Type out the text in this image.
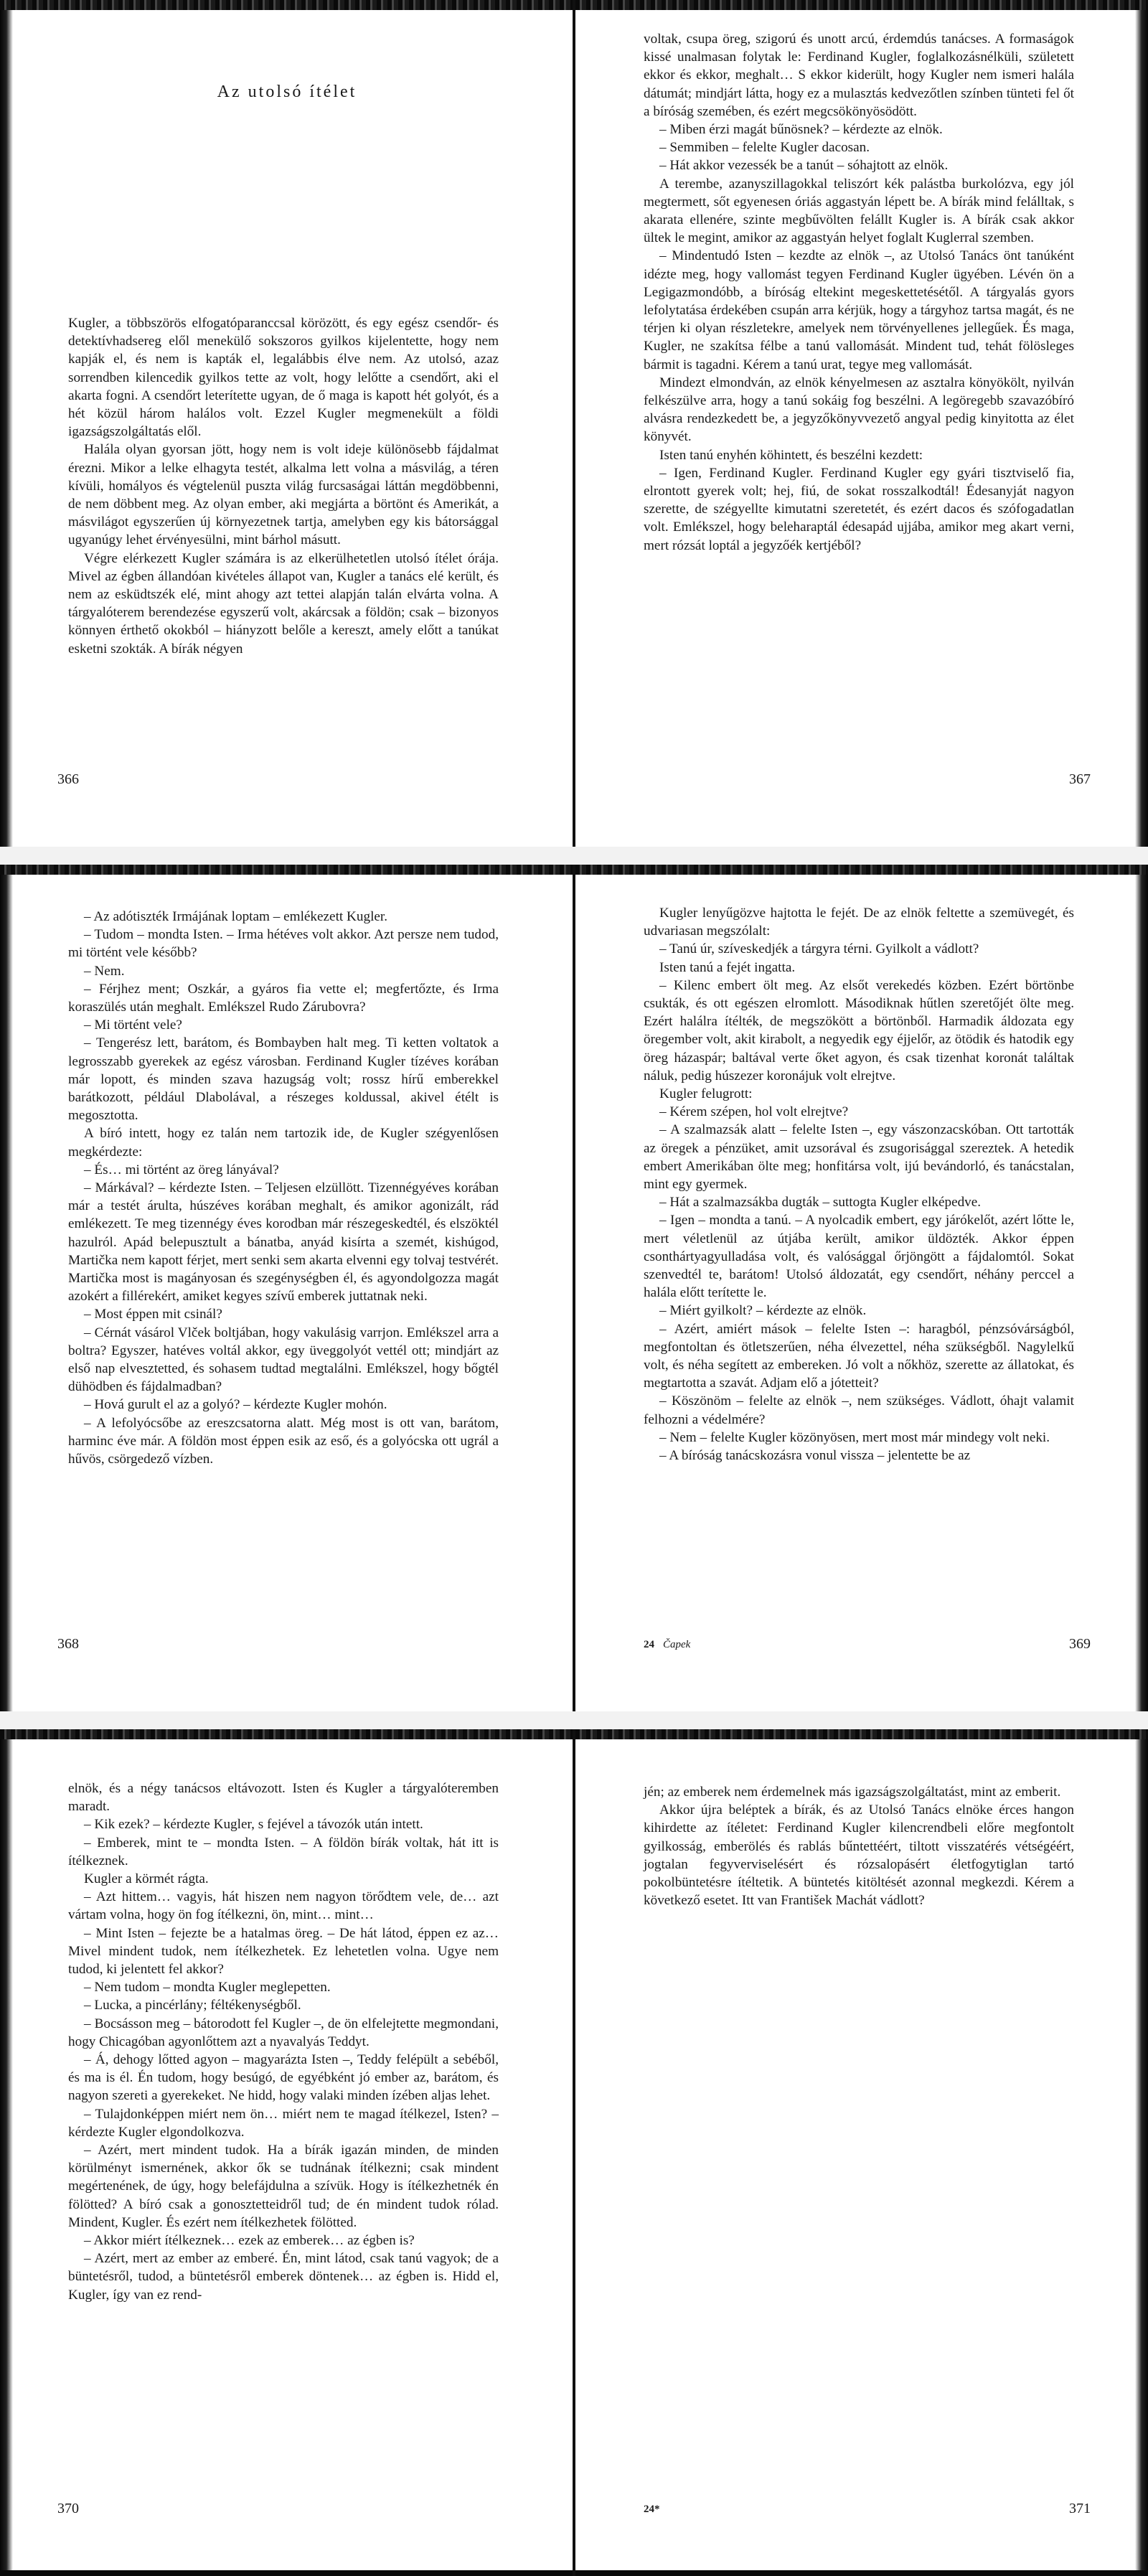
Az utolsó ítélet

Kugler, a többszörös elfogatóparanccsal körözött, és egy egész csendőr- és detektívhadsereg elől menekülő sokszoros gyilkos kijelentette, hogy nem kapják el, és nem is kapták el, legalábbis élve nem. Az utolsó, azaz sorrendben kilencedik gyilkos tette az volt, hogy lelőtte a csendőrt, aki el akarta fogni. A csendőrt leterítette ugyan, de ő maga is kapott hét golyót, és a hét közül három halálos volt. Ezzel Kugler megmenekült a földi igazságszolgáltatás elől.

Halála olyan gyorsan jött, hogy nem is volt ideje különösebb fájdalmat érezni. Mikor a lelke elhagyta testét, alkalma lett volna a másvilág, a téren kívüli, homályos és végtelenül puszta világ furcsaságai láttán megdöbbenni, de nem döbbent meg. Az olyan ember, aki megjárta a börtönt és Amerikát, a másvilágot egyszerűen új környezetnek tartja, amelyben egy kis bátorsággal ugyanúgy lehet érvényesülni, mint bárhol másutt.

Végre elérkezett Kugler számára is az elkerülhetetlen utolsó ítélet órája. Mivel az égben állandóan kivételes állapot van, Kugler a tanács elé került, és nem az esküdtszék elé, mint ahogy azt tettei alapján talán elvárta volna. A tárgyalóterem berendezése egyszerű volt, akárcsak a földön; csak – bizonyos könnyen érthető okokból – hiányzott belőle a kereszt, amely előtt a tanúkat esketni szokták. A bírák négyen

366

voltak, csupa öreg, szigorú és unott arcú, érdemdús tanácses. A formaságok kissé unalmasan folytak le: Ferdinand Kugler, foglalkozásnélküli, született ekkor és ekkor, meghalt… S ekkor kiderült, hogy Kugler nem ismeri halála dátumát; mindjárt látta, hogy ez a mulasztás kedvezőtlen színben tünteti fel őt a bíróság szemében, és ezért megcsökönyösödött.

– Miben érzi magát bűnösnek? – kérdezte az elnök.

– Semmiben – felelte Kugler dacosan.

– Hát akkor vezessék be a tanút – sóhajtott az elnök.

A terembe, azanyszillagokkal teliszórt kék palástba burkolózva, egy jól megtermett, sőt egyenesen óriás aggastyán lépett be. A bírák mind felálltak, s akarata ellenére, szinte megbűvölten felállt Kugler is. A bírák csak akkor ültek le megint, amikor az aggastyán helyet foglalt Kuglerral szemben.

– Mindentudó Isten – kezdte az elnök –, az Utolsó Tanács önt tanúként idézte meg, hogy vallomást tegyen Ferdinand Kugler ügyében. Lévén ön a Legigazmondóbb, a bíróság eltekint megeskettetésétől. A tárgyalás gyors lefolytatása érdekében csupán arra kérjük, hogy a tárgyhoz tartsa magát, és ne térjen ki olyan részletekre, amelyek nem törvényellenes jellegűek. És maga, Kugler, ne szakítsa félbe a tanú vallomását. Mindent tud, tehát fölösleges bármit is tagadni. Kérem a tanú urat, tegye meg vallomását.

Mindezt elmondván, az elnök kényelmesen az asztalra könyökölt, nyilván felkészülve arra, hogy a tanú sokáig fog beszélni. A legöregebb szavazóbíró alvásra rendezkedett be, a jegyzőkönyvvezető angyal pedig kinyitotta az élet könyvét.

Isten tanú enyhén köhintett, és beszélni kezdett:

– Igen, Ferdinand Kugler. Ferdinand Kugler egy gyári tisztviselő fia, elrontott gyerek volt; hej, fiú, de sokat rosszalkodtál! Édesanyját nagyon szerette, de szégyellte kimutatni szeretetét, és ezért dacos és szófogadatlan volt. Emlékszel, hogy beleharaptál édesapád ujjába, amikor meg akart verni, mert rózsát loptál a jegyzőék kertjéből?

367

– Az adótiszték Irmájának loptam – emlékezett Kugler.

– Tudom – mondta Isten. – Irma hétéves volt akkor. Azt persze nem tudod, mi történt vele később?

– Nem.

– Férjhez ment; Oszkár, a gyáros fia vette el; megfertőzte, és Irma koraszülés után meghalt. Emlékszel Rudo Zárubovra?

– Mi történt vele?

– Tengerész lett, barátom, és Bombayben halt meg. Ti ketten voltatok a legrosszabb gyerekek az egész városban. Ferdinand Kugler tízéves korában már lopott, és minden szava hazugság volt; rossz hírű emberekkel barátkozott, például Dlabolával, a részeges koldussal, akivel étélt is megosztotta.

A bíró intett, hogy ez talán nem tartozik ide, de Kugler szégyenlősen megkérdezte:

– És… mi történt az öreg lányával?

– Márkával? – kérdezte Isten. – Teljesen elzüllött. Tizennégyéves korában már a testét árulta, húszéves korában meghalt, és amikor agonizált, rád emlékezett. Te meg tizennégy éves korodban már részegeskedtél, és elszöktél hazulról. Apád belepusztult a bánatba, anyád kisírta a szemét, kishúgod, Martička nem kapott férjet, mert senki sem akarta elvenni egy tolvaj testvérét. Martička most is magányosan és szegénységben él, és agyondolgozza magát azokért a fillérekért, amiket kegyes szívű emberek juttatnak neki.

– Most éppen mit csinál?

– Cérnát vásárol Vlček boltjában, hogy vakulásig varrjon. Emlékszel arra a boltra? Egyszer, hatéves voltál akkor, egy üveggolyót vettél ott; mindjárt az első nap elvesztetted, és sohasem tudtad megtalálni. Emlékszel, hogy bőgtél dühödben és fájdalmadban?

– Hová gurult el az a golyó? – kérdezte Kugler mohón.

– A lefolyócsőbe az ereszcsatorna alatt. Még most is ott van, barátom, harminc éve már. A földön most éppen esik az eső, és a golyócska ott ugrál a hűvös, csörgedező vízben.

368

Kugler lenyűgözve hajtotta le fejét. De az elnök feltette a szemüvegét, és udvariasan megszólalt:

– Tanú úr, szíveskedjék a tárgyra térni. Gyilkolt a vádlott?

Isten tanú a fejét ingatta.

– Kilenc embert ölt meg. Az elsőt verekedés közben. Ezért börtönbe csukták, és ott egészen elromlott. Másodiknak hűtlen szeretőjét ölte meg. Ezért halálra ítélték, de megszökött a börtönből. Harmadik áldozata egy öregember volt, akit kirabolt, a negyedik egy éjjelőr, az ötödik és hatodik egy öreg házaspár; baltával verte őket agyon, és csak tizenhat koronát találtak náluk, pedig húszezer koronájuk volt elrejtve.

Kugler felugrott:

– Kérem szépen, hol volt elrejtve?

– A szalmazsák alatt – felelte Isten –, egy vászonzacskóban. Ott tartották az öregek a pénzüket, amit uzsorával és zsugorisággal szereztek. A hetedik embert Amerikában ölte meg; honfitársa volt, ijú bevándorló, és tanácstalan, mint egy gyermek.

– Hát a szalmazsákba dugták – suttogta Kugler elképedve.

– Igen – mondta a tanú. – A nyolcadik embert, egy járókelőt, azért lőtte le, mert véletlenül az útjába került, amikor üldözték. Akkor éppen csonthártyagyulladása volt, és valósággal őrjöngött a fájdalomtól. Sokat szenvedtél te, barátom! Utolsó áldozatát, egy csendőrt, néhány perccel a halála előtt terítette le.

– Miért gyilkolt? – kérdezte az elnök.

– Azért, amiért mások – felelte Isten –: haragból, pénzsóvárságból, megfontoltan és ötletszerűen, néha élvezettel, néha szükségből. Nagylelkű volt, és néha segített az embereken. Jó volt a nőkhöz, szerette az állatokat, és megtartotta a szavát. Adjam elő a jótetteit?

– Köszönöm – felelte az elnök –, nem szükséges. Vádlott, óhajt valamit felhozni a védelmére?

– Nem – felelte Kugler közönyösen, mert most már mindegy volt neki.

– A bíróság tanácskozásra vonul vissza – jelentette be az

24 Čapek	369

elnök, és a négy tanácsos eltávozott. Isten és Kugler a tárgyalóteremben maradt.

– Kik ezek? – kérdezte Kugler, s fejével a távozók után intett.

– Emberek, mint te – mondta Isten. – A földön bírák voltak, hát itt is ítélkeznek.

Kugler a körmét rágta.

– Azt hittem… vagyis, hát hiszen nem nagyon törődtem vele, de… azt vártam volna, hogy ön fog ítélkezni, ön, mint… mint…

– Mint Isten – fejezte be a hatalmas öreg. – De hát látod, éppen ez az… Mivel mindent tudok, nem ítélkezhetek. Ez lehetetlen volna. Ugye nem tudod, ki jelentett fel akkor?

– Nem tudom – mondta Kugler meglepetten.

– Lucka, a pincérlány; féltékenységből.

– Bocsásson meg – bátorodott fel Kugler –, de ön elfelejtette megmondani, hogy Chicagóban agyonlőttem azt a nyavalyás Teddyt.

– Á, dehogy lőtted agyon – magyarázta Isten –, Teddy felépült a sebéből, és ma is él. Én tudom, hogy besúgó, de egyébként jó ember az, barátom, és nagyon szereti a gyerekeket. Ne hidd, hogy valaki minden ízében aljas lehet.

– Tulajdonképpen miért nem ön… miért nem te magad ítélkezel, Isten? – kérdezte Kugler elgondolkozva.

– Azért, mert mindent tudok. Ha a bírák igazán minden, de minden körülményt ismernének, akkor ők se tudnának ítélkezni; csak mindent megértenének, de úgy, hogy belefájdulna a szívük. Hogy is ítélkezhetnék én fölötted? A bíró csak a gonosztetteidről tud; de én mindent tudok rólad. Mindent, Kugler. És ezért nem ítélkezhetek fölötted.

– Akkor miért ítélkeznek… ezek az emberek… az égben is?

– Azért, mert az ember az emberé. Én, mint látod, csak tanú vagyok; de a büntetésről, tudod, a büntetésről emberek döntenek… az égben is. Hidd el, Kugler, így van ez rend-

370

jén; az emberek nem érdemelnek más igazságszolgáltatást, mint az emberit.

Akkor újra beléptek a bírák, és az Utolsó Tanács elnöke érces hangon kihirdette az ítéletet: Ferdinand Kugler kilencrendbeli előre megfontolt gyilkosság, emberölés és rablás bűntettéért, tiltott visszatérés vétségéért, jogtalan fegyverviselésért és rózsalopásért életfogytiglan tartó pokolbüntetésre ítéltetik. A büntetés kitöltését azonnal megkezdi. Kérem a következő esetet. Itt van František Machát vádlott?

24*	371
